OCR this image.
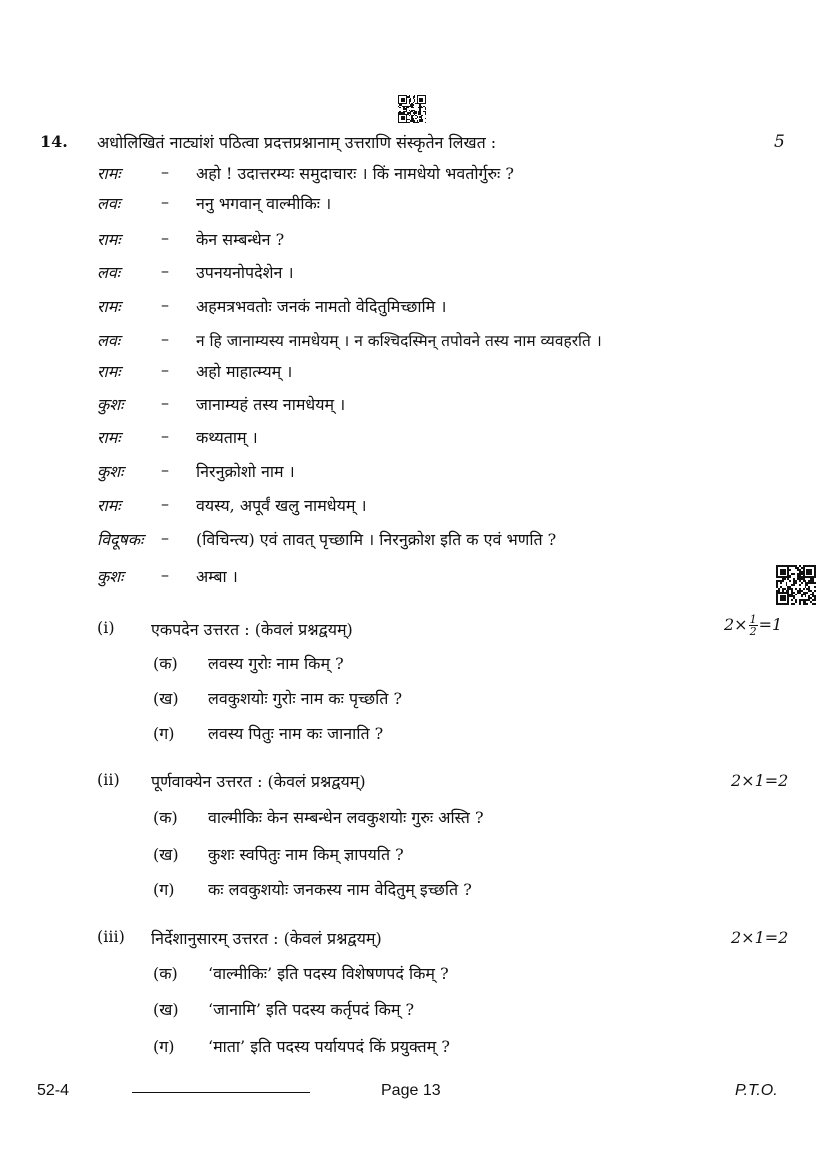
14. अधोलिखितं नाट्यांशं पठित्वा प्रदत्तप्रश्नानाम् उत्तराणि संस्कृतेन लिखत :	5
रामः	– अहो ! उदात्तरम्यः समुदाचारः । किं नामधेयो भवतोर्गुरुः ?
लवः	– ननु भगवान् वाल्मीकिः ।
रामः	– केन सम्बन्धेन ?
लवः	– उपनयनोपदेशेन ।
रामः	– अहमत्रभवतोः जनकं नामतो वेदितुमिच्छामि ।
लवः	– न हि जानाम्यस्य नामधेयम् । न कश्चिदस्मिन् तपोवने तस्य नाम व्यवहरति ।
रामः	– अहो माहात्म्यम् ।
कुशः – जानाम्यहं तस्य नामधेयम् ।
रामः	– कथ्यताम् ।
कुशः – निरनुक्रोशो नाम ।
रामः	– वयस्य, अपूर्वं खलु नामधेयम् ।
विदूषकः – (विचिन्त्य) एवं तावत् पृच्छामि । निरनुक्रोश इति क एवं भणति ?
कुशः – अम्बा ।
(i) एकपदेन उत्तरत : (केवलं प्रश्नद्वयम्)	$2\times \frac{1}{2} =1$
(क) लवस्य गुरोः नाम किम् ?
(ख) लवकुशयोः गुरोः नाम कः पृच्छति ?
(ग) लवस्य पितुः नाम कः जानाति ?
(ii) पूर्णवाक्येन उत्तरत : (केवलं प्रश्नद्वयम्)	2×1=2
(क) वाल्मीकिः केन सम्बन्धेन लवकुशयोः गुरुः अस्ति ?
(ख) कुशः स्वपितुः नाम किम् ज्ञापयति ?
(ग) कः लवकुशयोः जनकस्य नाम वेदितुम् इच्छति ?
(iii) निर्देशानुसारम् उत्तरत : (केवलं प्रश्नद्वयम्)	2×1=2
(क) ‘वाल्मीकिः’ इति पदस्य विशेषणपदं किम् ?
(ख) ‘जानामि’ इति पदस्य कर्तृपदं किम् ?
(ग) ‘माता’ इति पदस्य पर्यायपदं किं प्रयुक्तम् ?
52-4	Page 13	P.T.O.
